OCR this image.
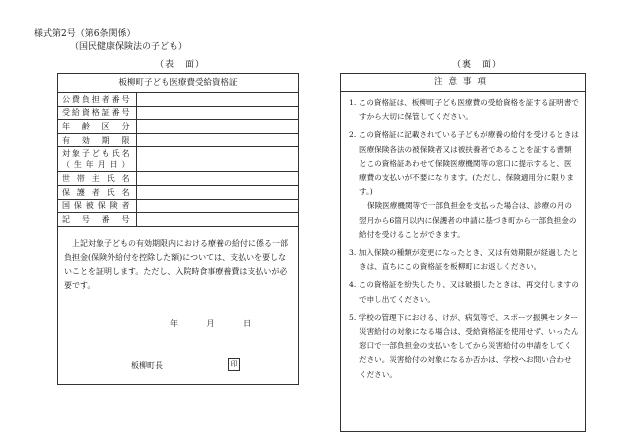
様式第2号（第6条関係）
（国民健康保険法の子ども）
（表　面）	（裏　面）
板柳町子ども医療費受給資格証
公費負担者番号	
受給資格証番号	
年齢区分	
有効期限	

対象子ども氏名
（生年月日）	

世帯主氏名	
保護者氏名	
国保被保険者	
記号番号	
上記対象子どもの有効期限内における療養の給付に係る一部負担金(保険外給付を控除した額)については、支払いを要しないことを証明します。ただし、入院時食事療養費は支払いが必要です。
年	月	日
板柳町長	印
注意事項

1. この資格証は、板柳町子ども医療費の受給資格を証する証明書ですから大切に保管してください。

2. この資格証に記載されている子どもが療養の給付を受けるときは医療保険各法の被保険者又は被扶養者であることを証する書類とこの資格証あわせて保険医療機関等の窓口に提示すると、医療費の支払いが不要になります。(ただし、保険適用分に限ります。)

保険医療機関等で一部負担金を支払った場合は、診療の月の翌月から6箇月以内に保護者の申請に基づき町から一部負担金の給付を受けることができます。

3. 加入保険の種類が変更になったとき、又は有効期限が経過したときは、直ちにこの資格証を板柳町にお返しください。

4. この資格証を紛失したり、又は破損したときは、再交付しますので申し出てください。

5. 学校の管理下における、けが、病気等で、スポーツ振興センター災害給付の対象になる場合は、受給資格証を使用せず、いったん窓口で一部負担金の支払いをしてから災害給付の申請をしてください。災害給付の対象になるか否かは、学校へお問い合わせください。
